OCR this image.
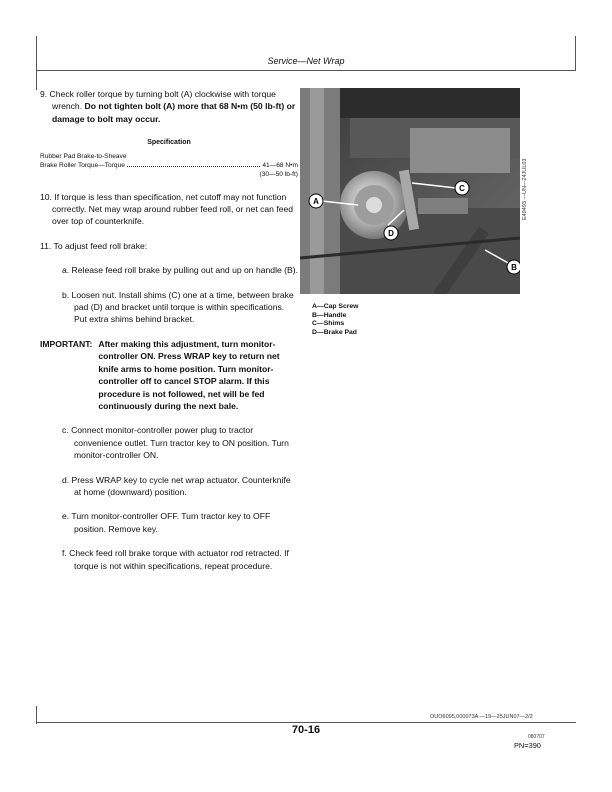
Service—Net Wrap

9. Check roller torque by turning bolt (A) clockwise with torque wrench. Do not tighten bolt (A) more that 68 N•m (50 lb-ft) or damage to bolt may occur.

Specification
Rubber Pad Brake-to-Sheave
Brake Roller Torque—Torque	41—68 N•m
(30—50 lb-ft)

10. If torque is less than specification, net cutoff may not function correctly. Net may wrap around rubber feed roll, or net can feed over top of counterknife.

11. To adjust feed roll brake:

a. Release feed roll brake by pulling out and up on handle (B).

b. Loosen nut. Install shims (C) one at a time, between brake pad (D) and bracket until torque is within specifications. Put extra shims behind bracket.

IMPORTANT: After making this adjustment, turn monitor-controller ON. Press WRAP key to return net knife arms to home position. Turn monitor-controller off to cancel STOP alarm. If this procedure is not followed, net will be fed continuously during the next bale.

c. Connect monitor-controller power plug to tractor convenience outlet. Turn tractor key to ON position. Turn monitor-controller ON.

d. Press WRAP key to cycle net wrap actuator. Counterknife at home (downward) position.

e. Turn monitor-controller OFF. Turn tractor key to OFF position. Remove key.

f. Check feed roll brake torque with actuator rod retracted. If torque is not within specifications, repeat procedure.

A
C
D
B
E49493 —UN—24JUL03
A—Cap Screw
B—Handle
C—Shims
D—Brake Pad
OUO6095,000073A —19—25JUN07—2/2
70-16
080707
PN=390
